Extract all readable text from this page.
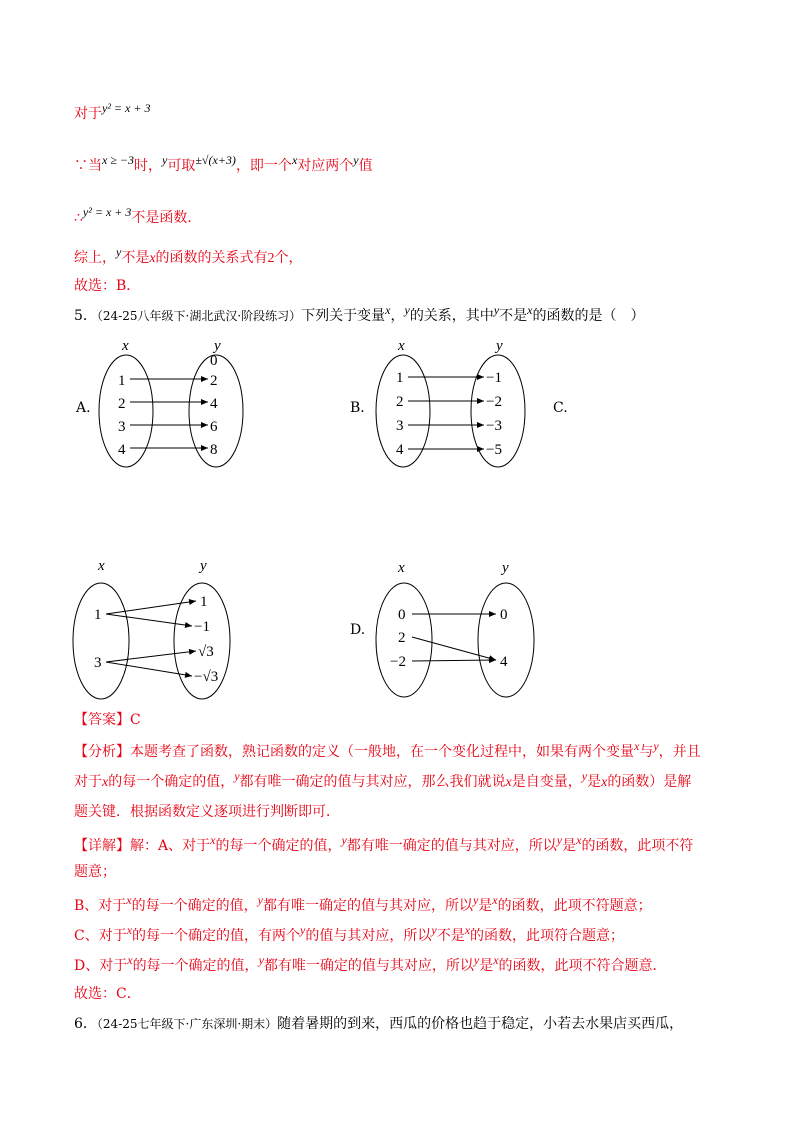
对于y² = x + 3
∵当x ≥ −3时，y可取±√(x+3)，即一个x对应两个y值
∴y² = x + 3不是函数．
综上，y不是x的函数的关系式有2个，
故选：B．
5．（24-25八年级下·湖北武汉·阶段练习）下列关于变量x，y的关系，其中y不是x的函数的是（　）
A.
x	y
1
2
3
4
0
2
4
6
8
B.
x	y
1
2
3
4
−1
−2
−3
−5
C.
x	y
1
3
1
−1
√3
−√3
D.
x	y
0
2
−2
0
4
【答案】C
【分析】本题考查了函数，熟记函数的定义（一般地，在一个变化过程中，如果有两个变量x与y，并且
对于x的每一个确定的值，y都有唯一确定的值与其对应，那么我们就说x是自变量，y是x的函数）是解
题关键．根据函数定义逐项进行判断即可．
【详解】解：A、对于x的每一个确定的值，y都有唯一确定的值与其对应，所以y是x的函数，此项不符
题意；
B、对于x的每一个确定的值，y都有唯一确定的值与其对应，所以y是x的函数，此项不符题意；
C、对于x的每一个确定的值，有两个y的值与其对应，所以y不是x的函数，此项符合题意；
D、对于x的每一个确定的值，y都有唯一确定的值与其对应，所以y是x的函数，此项不符合题意．
故选：C．
6．（24-25七年级下·广东深圳·期末）随着暑期的到来，西瓜的价格也趋于稳定，小若去水果店买西瓜，
